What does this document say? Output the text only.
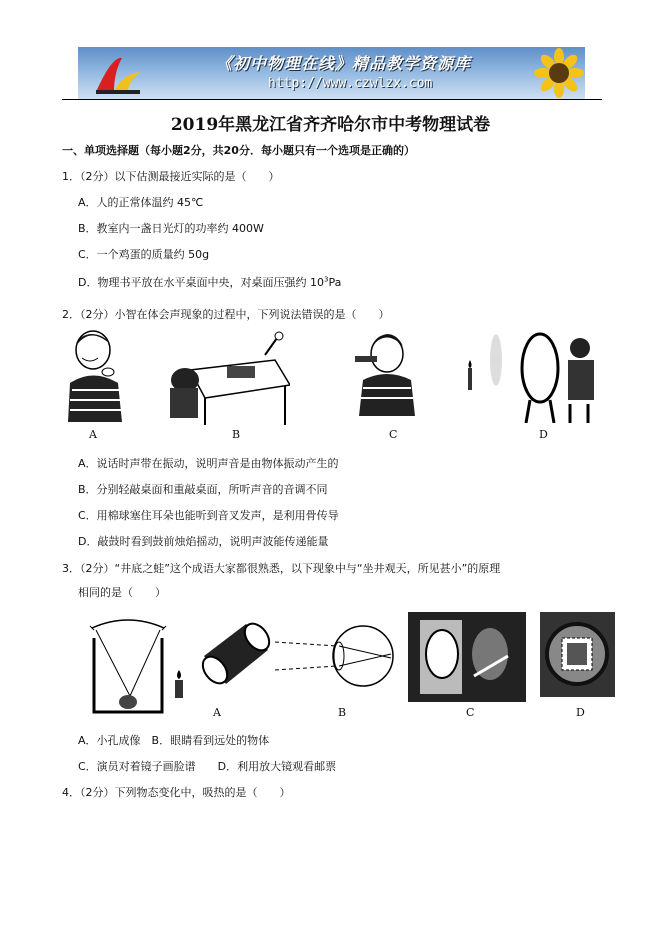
《初中物理在线》精品教学资源库
http://www.czwlzx.com
2019年黑龙江省齐齐哈尔市中考物理试卷
一、单项选择题（每小题2分，共20分．每小题只有一个选项是正确的）
1．（2分）以下估测最接近实际的是（　　）
A．人的正常体温约 45℃
B．教室内一盏日光灯的功率约 400W
C．一个鸡蛋的质量约 50g
D．物理书平放在水平桌面中央，对桌面压强约 $10^3Pa$
2．（2分）小智在体会声现象的过程中，下列说法错误的是（　　）
A	B	C	D
A．说话时声带在振动，说明声音是由物体振动产生的
B．分别轻敲桌面和重敲桌面，所听声音的音调不同
C．用棉球塞住耳朵也能听到音叉发声，是利用骨传导
D．敲鼓时看到鼓前烛焰摇动，说明声波能传递能量
3．（2分）“井底之蛙”这个成语大家都很熟悉，以下现象中与“坐井观天，所见甚小”的原理
相同的是（　　）
A	B	C	D
A．小孔成像　B．眼睛看到远处的物体
C．演员对着镜子画脸谱　　D．利用放大镜观看邮票
4．（2分）下列物态变化中，吸热的是（　　）
